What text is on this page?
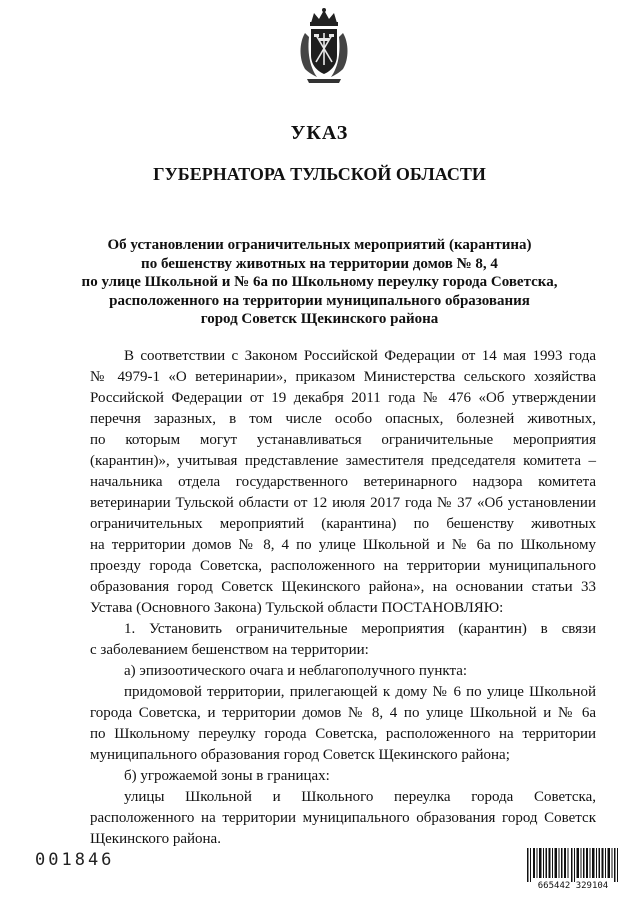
УКАЗ
ГУБЕРНАТОРА ТУЛЬСКОЙ ОБЛАСТИ
Об установлении ограничительных мероприятий (карантина)
по бешенству животных на территории домов № 8, 4
по улице Школьной и № 6а по Школьному переулку города Советска,
расположенного на территории муниципального образования
город Советск Щекинского района
В соответствии с Законом Российской Федерации от 14 мая 1993 года
№ 4979-1 «О ветеринарии», приказом Министерства сельского хозяйства
Российской Федерации от 19 декабря 2011 года № 476 «Об утверждении
перечня заразных, в том числе особо опасных, болезней животных,
по которым могут устанавливаться ограничительные мероприятия
(карантин)», учитывая представление заместителя председателя комитета –
начальника отдела государственного ветеринарного надзора комитета
ветеринарии Тульской области от 12 июля 2017 года № 37 «Об установлении
ограничительных мероприятий (карантина) по бешенству животных
на территории домов № 8, 4 по улице Школьной и № 6а по Школьному
проезду города Советска, расположенного на территории муниципального
образования город Советск Щекинского района», на основании статьи 33
Устава (Основного Закона) Тульской области ПОСТАНОВЛЯЮ:
1. Установить ограничительные мероприятия (карантин) в связи
с заболеванием бешенством на территории:
а) эпизоотического очага и неблагополучного пункта:
придомовой территории, прилегающей к дому № 6 по улице Школьной
города Советска, и территории домов № 8, 4 по улице Школьной и № 6а
по Школьному переулку города Советска, расположенного на территории
муниципального образования город Советск Щекинского района;
б) угрожаемой зоны в границах:
улицы Школьной и Школьного переулка города Советска,
расположенного на территории муниципального образования город Советск
Щекинского района.
001846
665442 329104
